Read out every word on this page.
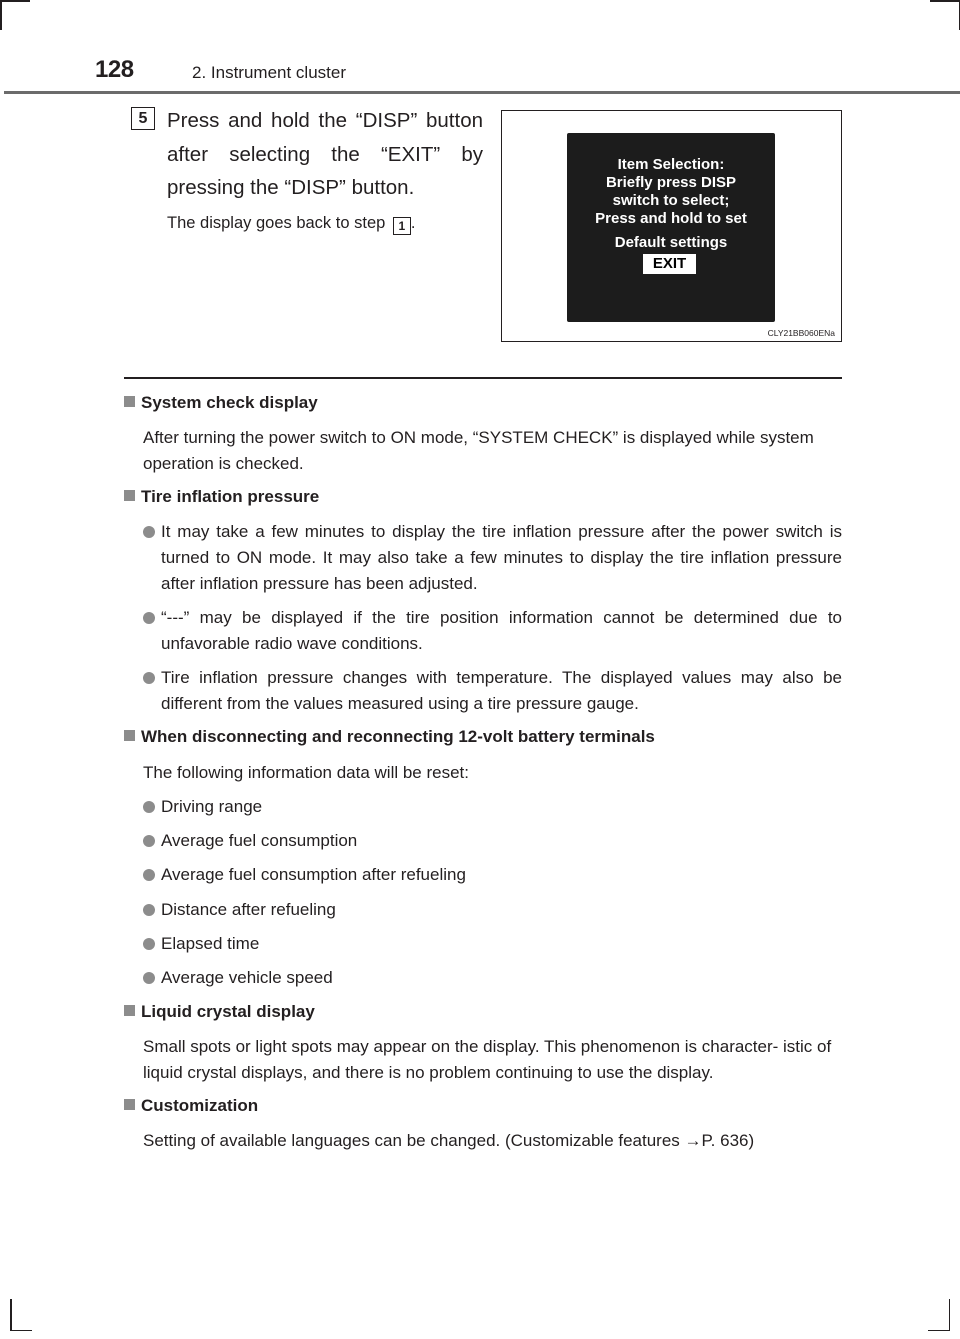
128	2. Instrument cluster
5 Press and hold the “DISP” button after selecting the “EXIT” by pressing the “DISP” button.
The display goes back to step 1 .
Item Selection:
Briefly press DISP
switch to select;
Press and hold to set
Default settings
EXIT
CLY21BB060ENa
System check display
After turning the power switch to ON mode, “SYSTEM CHECK” is displayed while system operation is checked.
Tire inflation pressure
It may take a few minutes to display the tire inflation pressure after the power switch is turned to ON mode. It may also take a few minutes to display the tire inflation pressure after inflation pressure has been adjusted.
“---” may be displayed if the tire position information cannot be determined due to unfavorable radio wave conditions.
Tire inflation pressure changes with temperature. The displayed values may also be different from the values measured using a tire pressure gauge.
When disconnecting and reconnecting 12-volt battery terminals
The following information data will be reset:
Driving range
Average fuel consumption
Average fuel consumption after refueling
Distance after refueling
Elapsed time
Average vehicle speed
Liquid crystal display
Small spots or light spots may appear on the display. This phenomenon is character- istic of liquid crystal displays, and there is no problem continuing to use the display.
Customization
Setting of available languages can be changed. (Customizable features →P. 636)
